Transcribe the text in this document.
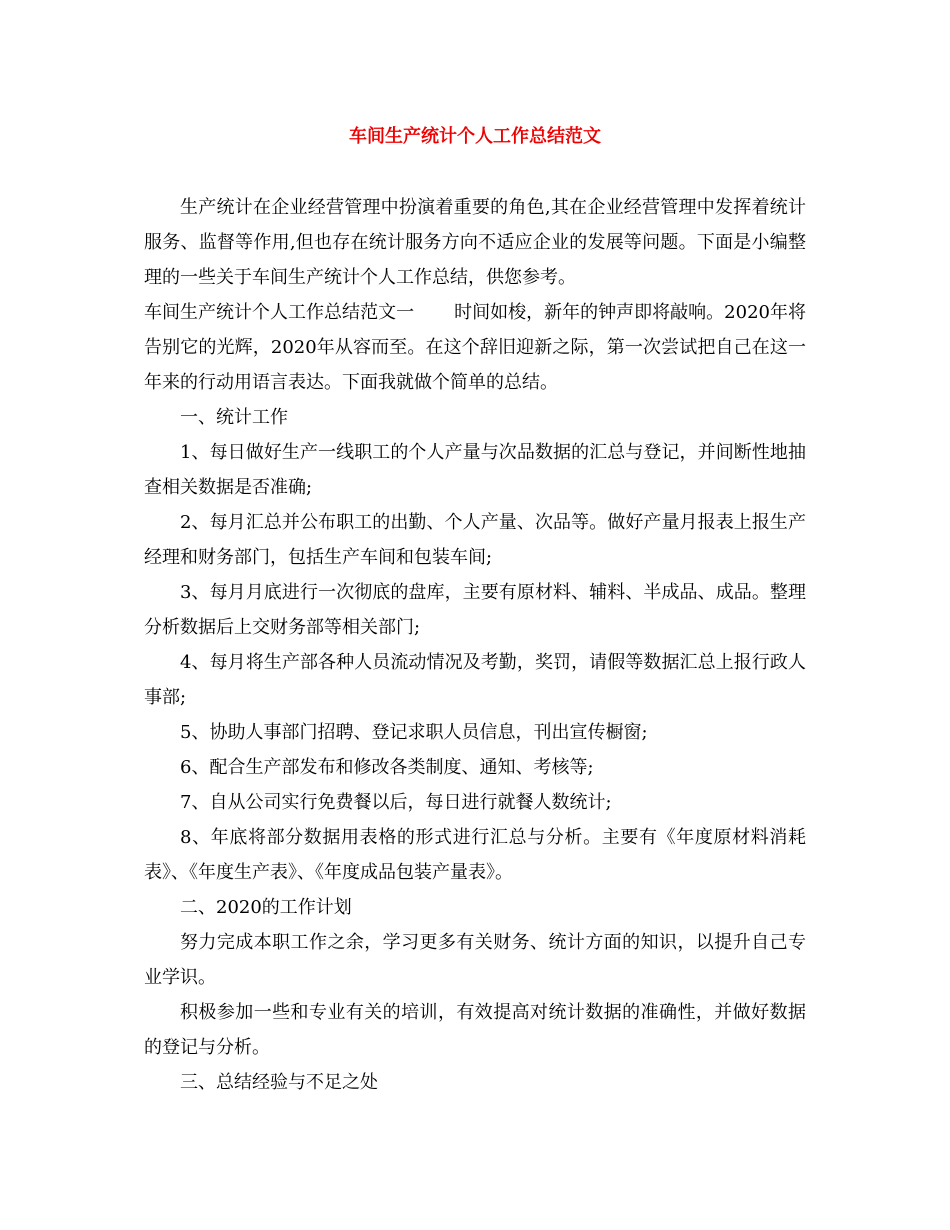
车间生产统计个人工作总结范文

生产统计在企业经营管理中扮演着重要的角色,其在企业经营管理中发挥着统计服务、监督等作用,但也存在统计服务方向不适应企业的发展等问题。下面是小编整理的一些关于车间生产统计个人工作总结，供您参考。

车间生产统计个人工作总结范文一 时间如梭，新年的钟声即将敲响。2020年将告别它的光辉，2020年从容而至。在这个辞旧迎新之际，第一次尝试把自己在这一年来的行动用语言表达。下面我就做个简单的总结。

一、统计工作

1、每日做好生产一线职工的个人产量与次品数据的汇总与登记，并间断性地抽查相关数据是否准确;

2、每月汇总并公布职工的出勤、个人产量、次品等。做好产量月报表上报生产经理和财务部门，包括生产车间和包装车间;

3、每月月底进行一次彻底的盘库，主要有原材料、辅料、半成品、成品。整理分析数据后上交财务部等相关部门;

4、每月将生产部各种人员流动情况及考勤，奖罚，请假等数据汇总上报行政人事部;

5、协助人事部门招聘、登记求职人员信息，刊出宣传橱窗;

6、配合生产部发布和修改各类制度、通知、考核等;

7、自从公司实行免费餐以后，每日进行就餐人数统计;

8、年底将部分数据用表格的形式进行汇总与分析。主要有《年度原材料消耗表》、《年度生产表》、《年度成品包装产量表》。

二、2020的工作计划

努力完成本职工作之余，学习更多有关财务、统计方面的知识，以提升自己专业学识。

积极参加一些和专业有关的培训，有效提高对统计数据的准确性，并做好数据的登记与分析。

三、总结经验与不足之处
